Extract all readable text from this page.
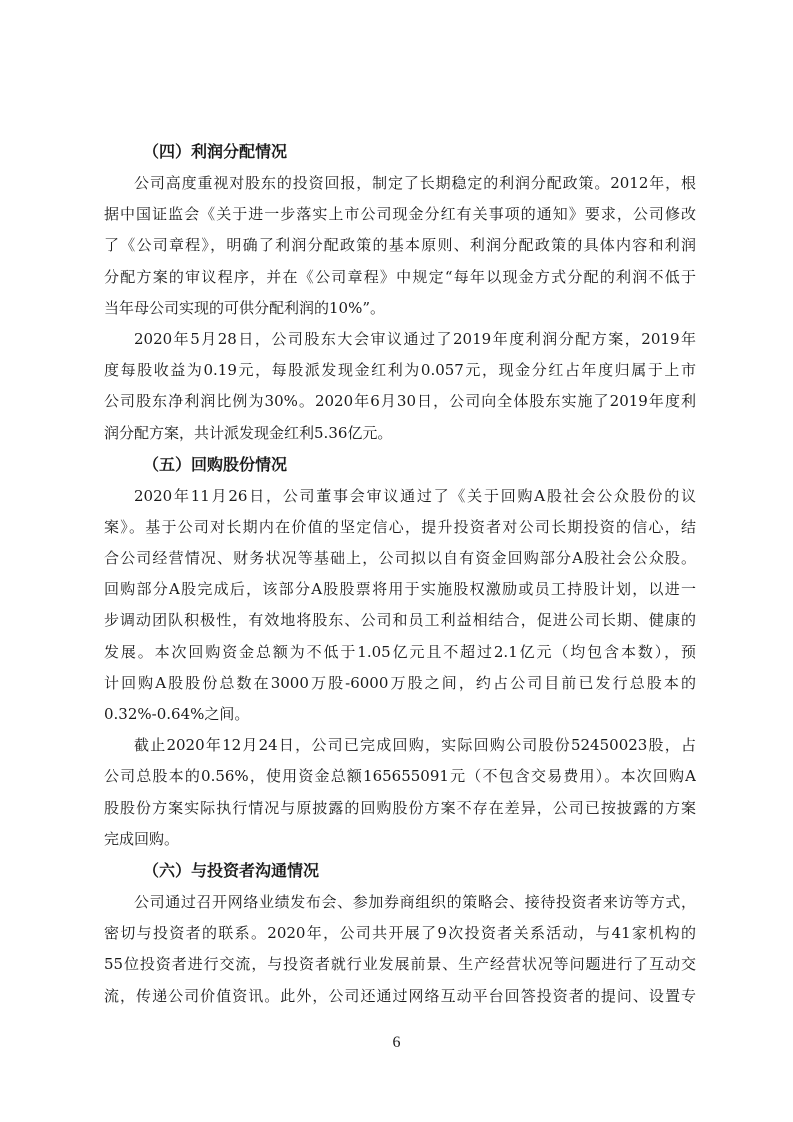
（四）利润分配情况

公司高度重视对股东的投资回报，制定了长期稳定的利润分配政策。2012年，根
据中国证监会《关于进一步落实上市公司现金分红有关事项的通知》要求，公司修改
了《公司章程》，明确了利润分配政策的基本原则、利润分配政策的具体内容和利润
分配方案的审议程序，并在《公司章程》中规定“每年以现金方式分配的利润不低于
当年母公司实现的可供分配利润的10%”。

2020年5月28日，公司股东大会审议通过了2019年度利润分配方案，2019年
度每股收益为0.19元，每股派发现金红利为0.057元，现金分红占年度归属于上市
公司股东净利润比例为30%。2020年6月30日，公司向全体股东实施了2019年度利
润分配方案，共计派发现金红利5.36亿元。

（五）回购股份情况

2020年11月26日，公司董事会审议通过了《关于回购A股社会公众股份的议
案》。基于公司对长期内在价值的坚定信心，提升投资者对公司长期投资的信心，结
合公司经营情况、财务状况等基础上，公司拟以自有资金回购部分A股社会公众股。
回购部分A股完成后，该部分A股股票将用于实施股权激励或员工持股计划，以进一
步调动团队积极性，有效地将股东、公司和员工利益相结合，促进公司长期、健康的
发展。本次回购资金总额为不低于1.05亿元且不超过2.1亿元（均包含本数），预
计回购A股股份总数在3000万股-6000万股之间，约占公司目前已发行总股本的
0.32%-0.64%之间。

截止2020年12月24日，公司已完成回购，实际回购公司股份52450023股，占
公司总股本的0.56%，使用资金总额165655091元（不包含交易费用）。本次回购A
股股份方案实际执行情况与原披露的回购股份方案不存在差异，公司已按披露的方案
完成回购。

（六）与投资者沟通情况

公司通过召开网络业绩发布会、参加券商组织的策略会、接待投资者来访等方式，
密切与投资者的联系。2020年，公司共开展了9次投资者关系活动，与41家机构的
55位投资者进行交流，与投资者就行业发展前景、生产经营状况等问题进行了互动交
流，传递公司价值资讯。此外，公司还通过网络互动平台回答投资者的提问、设置专

6
